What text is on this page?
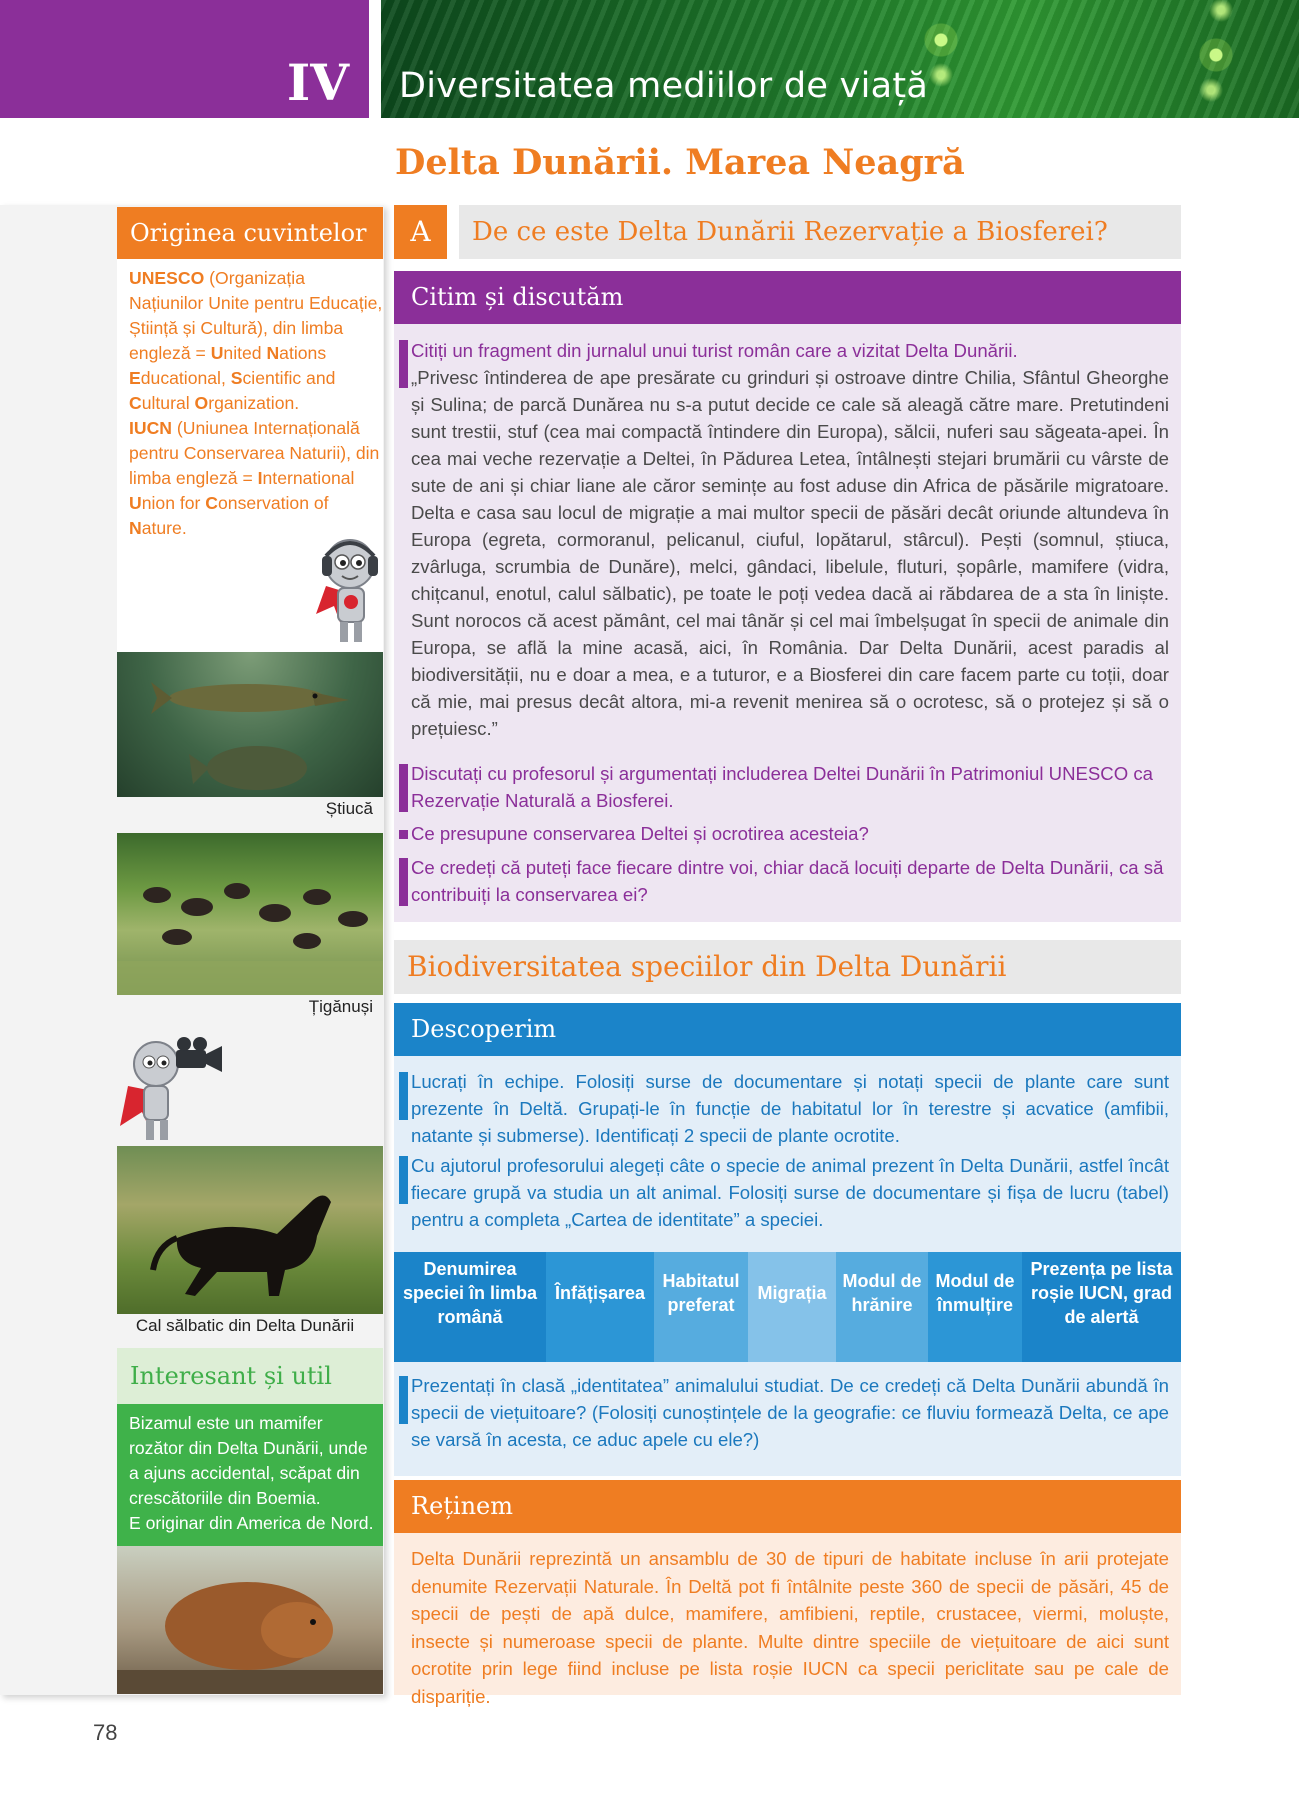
IV	Diversitatea mediilor de viață
Delta Dunării. Marea Neagră
Originea cuvintelor
UNESCO (Organizația Națiunilor Unite pentru Educație, Știință și Cultură), din limba engleză = United Nations Educational, Scientific and Cultural Organization.
IUCN (Uniunea Internațională pentru Conservarea Naturii), din limba engleză = International Union for Conservation of Nature.
Știucă
Țigănuși
Cal sălbatic din Delta Dunării
Interesant și util
Bizamul este un mamifer rozător din Delta Dunării, unde a ajuns accidental, scăpat din crescătoriile din Boemia.
E originar din America de Nord.
A	De ce este Delta Dunării Rezervație a Biosferei?
Citim și discutăm
Citiți un fragment din jurnalul unui turist român care a vizitat Delta Dunării.
„Privesc întinderea de ape presărate cu grinduri și ostroave dintre Chilia, Sfântul Gheorghe și Sulina; de parcă Dunărea nu s-a putut decide ce cale să aleagă către mare. Pretutindeni sunt trestii, stuf (cea mai compactă întindere din Europa), sălcii, nuferi sau săgeata-apei. În cea mai veche rezervație a Deltei, în Pădurea Letea, întâlnești stejari brumării cu vârste de sute de ani și chiar liane ale căror semințe au fost aduse din Africa de păsările migratoare. Delta e casa sau locul de migrație a mai multor specii de păsări decât oriunde altundeva în Europa (egreta, cormoranul, pelicanul, ciuful, lopătarul, stârcul). Pești (somnul, știuca, zvârluga, scrumbia de Dunăre), melci, gândaci, libelule, fluturi, șopârle, mamifere (vidra, chițcanul, enotul, calul sălbatic), pe toate le poți vedea dacă ai răbdarea de a sta în liniște. Sunt norocos că acest pământ, cel mai tânăr și cel mai îmbelșugat în specii de animale din Europa, se află la mine acasă, aici, în România. Dar Delta Dunării, acest paradis al biodiversității, nu e doar a mea, e a tuturor, e a Biosferei din care facem parte cu toții, doar că mie, mai presus decât altora, mi-a revenit menirea să o ocrotesc, să o protejez și să o prețuiesc.”
Discutați cu profesorul și argumentați includerea Deltei Dunării în Patrimoniul UNESCO ca Rezervație Naturală a Biosferei.
Ce presupune conservarea Deltei și ocrotirea acesteia?
Ce credeți că puteți face fiecare dintre voi, chiar dacă locuiți departe de Delta Dunării, ca să contribuiți la conservarea ei?
Biodiversitatea speciilor din Delta Dunării
Descoperim
Lucrați în echipe. Folosiți surse de documentare și notați specii de plante care sunt prezente în Deltă. Grupați-le în funcție de habitatul lor în terestre și acvatice (amfibii, natante și submerse). Identificați 2 specii de plante ocrotite.
Cu ajutorul profesorului alegeți câte o specie de animal prezent în Delta Dunării, astfel încât fiecare grupă va studia un alt animal. Folosiți surse de documentare și fișa de lucru (tabel) pentru a completa „Cartea de identitate” a speciei.
Denumirea speciei în limba română	Înfățișarea	Habitatul preferat	Migrația	Modul de hrănire	Modul de înmulțire	Prezența pe lista roșie IUCN, grad de alertă

Prezentați în clasă „identitatea” animalului studiat. De ce credeți că Delta Dunării abundă în specii de viețuitoare? (Folosiți cunoștințele de la geografie: ce fluviu formează Delta, ce ape se varsă în acesta, ce aduc apele cu ele?)
Reținem
Delta Dunării reprezintă un ansamblu de 30 de tipuri de habitate incluse în arii protejate denumite Rezervații Naturale. În Deltă pot fi întâlnite peste 360 de specii de păsări, 45 de specii de pești de apă dulce, mamifere, amfibieni, reptile, crustacee, viermi, moluște, insecte și numeroase specii de plante. Multe dintre speciile de viețuitoare de aici sunt ocrotite prin lege fiind incluse pe lista roșie IUCN ca specii periclitate sau pe cale de dispariție.
78
